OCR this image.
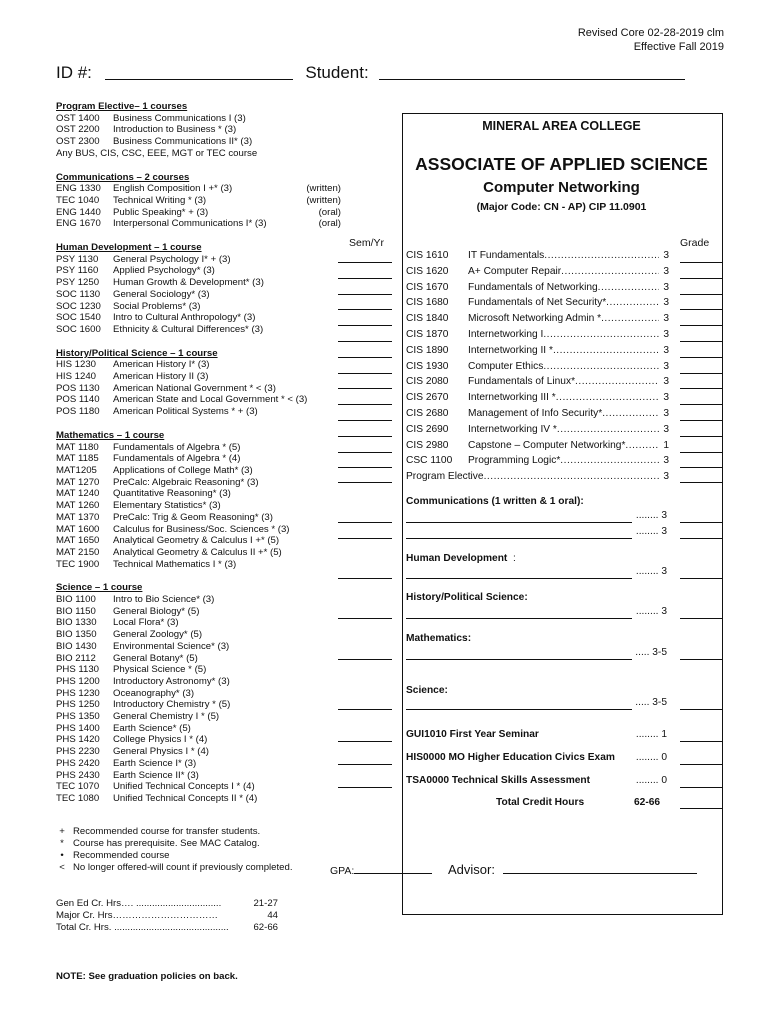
Revised Core 02-28-2019 clm
Effective Fall 2019
ID #:	Student:
Program Elective– 1 courses
OST 1400	Business Communications I (3)
OST 2200	Introduction to Business * (3)
OST 2300	Business Communications II* (3)
Any BUS, CIS, CSC, EEE, MGT or TEC course
Communications – 2 courses
ENG 1330	English Composition I +* (3)	(written)
TEC 1040	Technical Writing * (3)	(written)
ENG 1440	Public Speaking* + (3)	(oral)
ENG 1670	Interpersonal Communications I* (3)	(oral)
Human Development – 1 course
PSY 1130	General Psychology I* + (3)
PSY 1160	Applied Psychology* (3)
PSY 1250	Human Growth & Development* (3)
SOC 1130	General Sociology* (3)
SOC 1230	Social Problems* (3)
SOC 1540	Intro to Cultural Anthropology* (3)
SOC 1600	Ethnicity & Cultural Differences* (3)
History/Political Science – 1 course
HIS 1230	American History I* (3)
HIS 1240	American History II (3)
POS 1130	American National Government * < (3)
POS 1140	American State and Local Government * < (3)
POS 1180	American Political Systems * + (3)
Mathematics – 1 course
MAT 1180	Fundamentals of Algebra * (5)
MAT 1185	Fundamentals of Algebra * (4)
MAT1205	Applications of College Math* (3)
MAT 1270	PreCalc: Algebraic Reasoning* (3)
MAT 1240	Quantitative Reasoning* (3)
MAT 1260	Elementary Statistics* (3)
MAT 1370	PreCalc: Trig & Geom Reasoning* (3)
MAT 1600	Calculus for Business/Soc. Sciences * (3)
MAT 1650	Analytical Geometry & Calculus I +* (5)
MAT 2150	Analytical Geometry & Calculus II +* (5)
TEC 1900	Technical Mathematics I * (3)
Science – 1 course
BIO 1100	Intro to Bio Science* (3)
BIO 1150	General Biology* (5)
BIO 1330	Local Flora* (3)
BIO 1350	General Zoology* (5)
BIO 1430	Environmental Science* (3)
BIO 2112	General Botany* (5)
PHS 1130	Physical Science * (5)
PHS 1200	Introductory Astronomy* (3)
PHS 1230	Oceanography* (3)
PHS 1250	Introductory Chemistry * (5)
PHS 1350	General Chemistry I * (5)
PHS 1400	Earth Science* (5)
PHS 1420	College Physics I * (4)
PHS 2230	General Physics I * (4)
PHS 2420	Earth Science I* (3)
PHS 2430	Earth Science II* (3)
TEC 1070	Unified Technical Concepts I * (4)
TEC 1080	Unified Technical Concepts II * (4)
+ Recommended course for transfer students.
* Course has prerequisite. See MAC Catalog.
• Recommended course
< No longer offered-will count if previously completed.
Gen Ed Cr. Hrs…. ................................	21-27
Major Cr. Hrs……………………………	44
Total Cr. Hrs. ...........................................	62-66
NOTE: See graduation policies on back.
MINERAL AREA COLLEGE
ASSOCIATE OF APPLIED SCIENCE
Computer Networking
(Major Code: CN - AP) CIP 11.0901
Sem/Yr	Grade
CIS 1610	IT Fundamentals .....	3
CIS 1620	A+ Computer Repair .....	3
CIS 1670	Fundamentals of Networking .....	3
CIS 1680	Fundamentals of Net Security* .....	3
CIS 1840	Microsoft Networking Admin * .....	3
CIS 1870	Internetworking I .....	3
CIS 1890	Internetworking II * .....	3
CIS 1930	Computer Ethics .....	3
CIS 2080	Fundamentals of Linux* .....	3
CIS 2670	Internetworking III * .....	3
CIS 2680	Management of Info Security* .....	3
CIS 2690	Internetworking IV * .....	3
CIS 2980	Capstone – Computer Networking* .....	1
CSC 1100	Programming Logic* .....	3
Program Elective .....	3
Communications (1 written & 1 oral):
........ 3
........ 3
Human Development :
........ 3
History/Political Science:
........ 3
Mathematics:
..... 3-5
Science:
..... 3-5
GUI1010 First Year Seminar	........ 1
HIS0000 MO Higher Education Civics Exam ........ 0
TSA0000 Technical Skills Assessment	........ 0
Total Credit Hours	62-66
GPA:	Advisor:
